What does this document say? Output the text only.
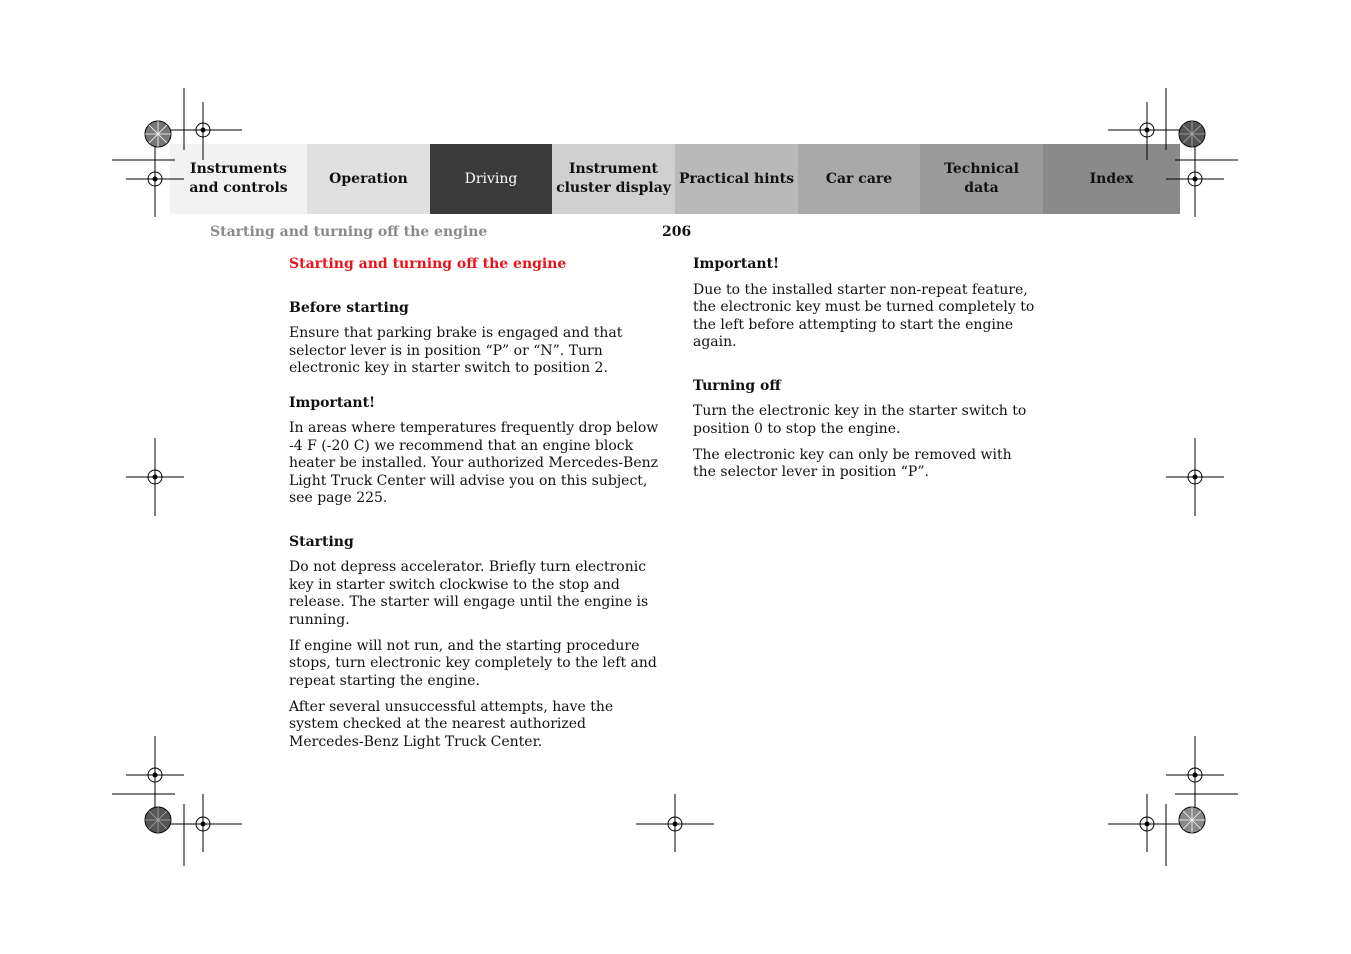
Instruments
and controls
Operation	Driving
Instrument
cluster display
Practical hints Car care
Technical
data
Index
Starting and turning off the engine	206
Starting and turning off the engine
Before starting

Ensure that parking brake is engaged and that selector lever is in position “P” or “N”. Turn electronic key in starter switch to position 2.

Important!

In areas where temperatures frequently drop below -4 F (-20 C) we recommend that an engine block heater be installed. Your authorized Mercedes-Benz Light Truck Center will advise you on this subject, see page 225.

Starting

Do not depress accelerator. Briefly turn electronic key in starter switch clockwise to the stop and release. The starter will engage until the engine is running.

If engine will not run, and the starting procedure stops, turn electronic key completely to the left and repeat starting the engine.

After several unsuccessful attempts, have the system checked at the nearest authorized Mercedes-Benz Light Truck Center.

Important!

Due to the installed starter non-repeat feature, the electronic key must be turned completely to the left before attempting to start the engine again.

Turning off

Turn the electronic key in the starter switch to position 0 to stop the engine.

The electronic key can only be removed with the selector lever in position “P”.
